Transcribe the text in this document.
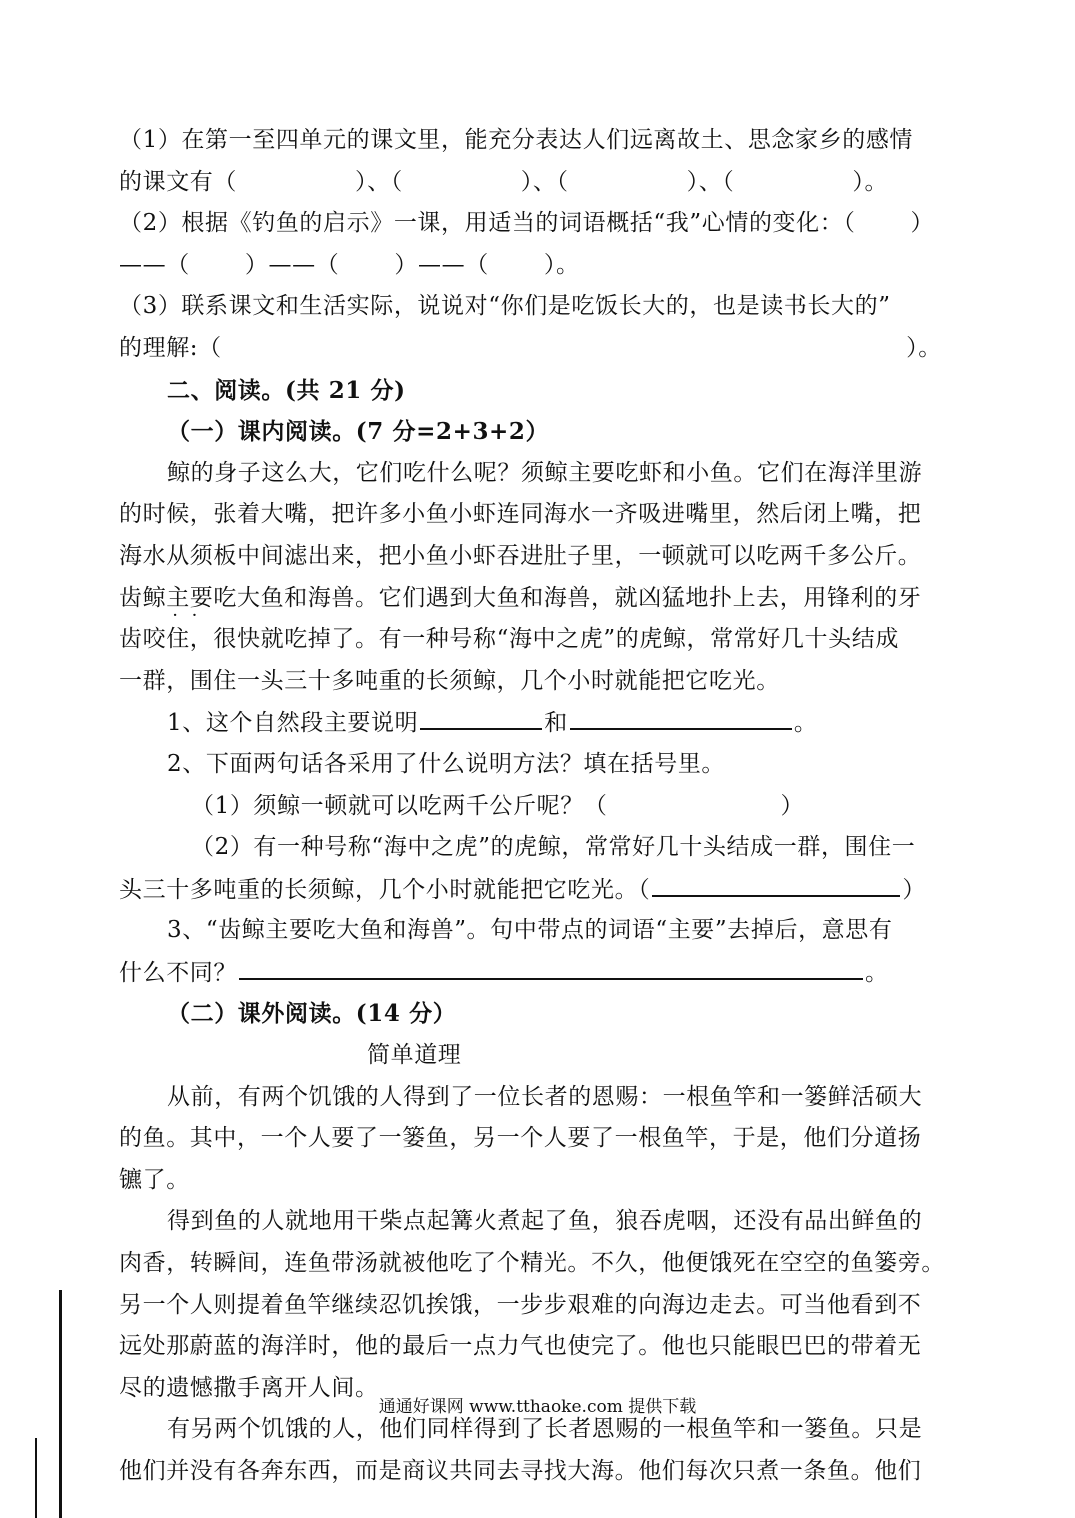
（1）在第一至四单元的课文里，能充分表达人们远离故土、思念家乡的感情
的课文有（　　　　　）、（　　　　　）、（　　　　　）、（　　　　　）。
（2）根据《钓鱼的启示》一课，用适当的词语概括“我”心情的变化：（　　 ）
——（　　 ）——（　　 ）——（　　 ）。
（3）联系课文和生活实际，说说对“你们是吃饭长大的，也是读书长大的”
的理解:（　　　　　　　　　　　　　　　　　　　　　　　　　　　　　）。
二、阅读。(共 21 分)
（一）课内阅读。(7 分=2+3+2）
鲸的身子这么大，它们吃什么呢？须鲸主要吃虾和小鱼。它们在海洋里游
的时候，张着大嘴，把许多小鱼小虾连同海水一齐吸进嘴里，然后闭上嘴，把
海水从须板中间滤出来，把小鱼小虾吞进肚子里，一顿就可以吃两千多公斤。
齿鲸主要 · ·吃大鱼和海兽。它们遇到大鱼和海兽，就凶猛地扑上去，用锋利的牙
齿咬住，很快就吃掉了。有一种号称“海中之虎”的虎鲸，常常好几十头结成
一群，围住一头三十多吨重的长须鲸，几个小时就能把它吃光。
1、这个自然段主要说明	和	。
2、下面两句话各采用了什么说明方法？填在括号里。
（1）须鲸一顿就可以吃两千公斤呢？（　　　　　　　 ）
（2）有一种号称“海中之虎”的虎鲸，常常好几十头结成一群，围住一
头三十多吨重的长须鲸，几个小时就能把它吃光。（	）
3、“齿鲸主要吃大鱼和海兽”。句中带点的词语“主要”去掉后，意思有
什么不同？	。
（二）课外阅读。(14 分）
简单道理
从前，有两个饥饿的人得到了一位长者的恩赐：一根鱼竿和一篓鲜活硕大
的鱼。其中，一个人要了一篓鱼，另一个人要了一根鱼竿，于是，他们分道扬
镳了。
得到鱼的人就地用干柴点起篝火煮起了鱼，狼吞虎咽，还没有品出鲜鱼的
肉香，转瞬间，连鱼带汤就被他吃了个精光。不久，他便饿死在空空的鱼篓旁。
另一个人则提着鱼竿继续忍饥挨饿，一步步艰难的向海边走去。可当他看到不
远处那蔚蓝的海洋时，他的最后一点力气也使完了。他也只能眼巴巴的带着无
尽的遗憾撒手离开人间。
有另两个饥饿的人，他们同样得到了长者恩赐的一根鱼竿和一篓鱼。只是
他们并没有各奔东西，而是商议共同去寻找大海。他们每次只煮一条鱼。他们
通通好课网 www.tthaoke.com 提供下载
